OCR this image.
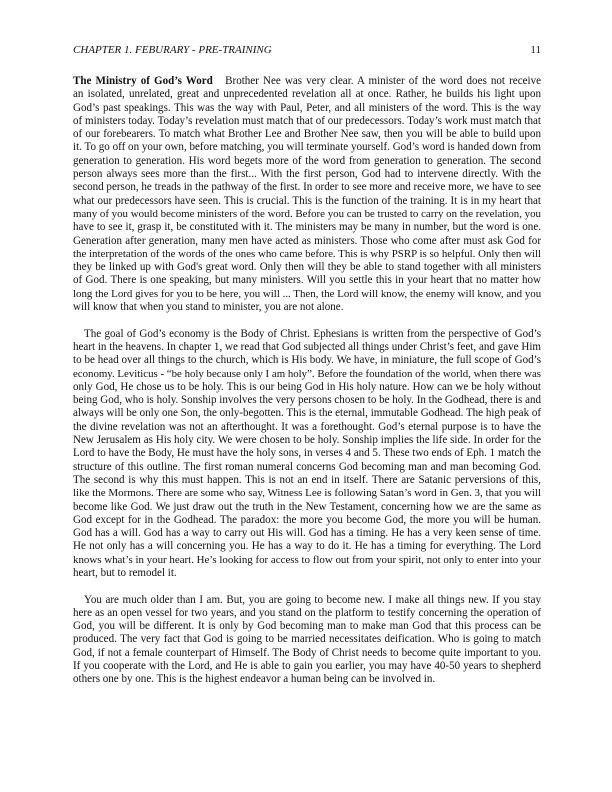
CHAPTER 1. FEBURARY - PRE-TRAINING	11
The Ministry of God’s Word Brother Nee was very clear. A minister of the word does not receive
an isolated, unrelated, great and unprecedented revelation all at once. Rather, he builds his light upon
God’s past speakings. This was the way with Paul, Peter, and all ministers of the word. This is the way
of ministers today. Today’s revelation must match that of our predecessors. Today’s work must match that
of our forebearers. To match what Brother Lee and Brother Nee saw, then you will be able to build upon
it. To go off on your own, before matching, you will terminate yourself. God’s word is handed down from
generation to generation. His word begets more of the word from generation to generation. The second
person always sees more than the first... With the first person, God had to intervene directly. With the
second person, he treads in the pathway of the first. In order to see more and receive more, we have to see
what our predecessors have seen. This is crucial. This is the function of the training. It is in my heart that
many of you would become ministers of the word. Before you can be trusted to carry on the revelation, you
have to see it, grasp it, be constituted with it. The ministers may be many in number, but the word is one.
Generation after generation, many men have acted as ministers. Those who come after must ask God for
the interpretation of the words of the ones who came before. This is why PSRP is so helpful. Only then will
they be linked up with God's great word. Only then will they be able to stand together with all ministers
of God. There is one speaking, but many ministers. Will you settle this in your heart that no matter how
long the Lord gives for you to be here, you will ... Then, the Lord will know, the enemy will know, and you
will know that when you stand to minister, you are not alone.
The goal of God’s economy is the Body of Christ. Ephesians is written from the perspective of God’s
heart in the heavens. In chapter 1, we read that God subjected all things under Christ’s feet, and gave Him
to be head over all things to the church, which is His body. We have, in miniature, the full scope of God’s
economy. Leviticus - “be holy because only I am holy”. Before the foundation of the world, when there was
only God, He chose us to be holy. This is our being God in His holy nature. How can we be holy without
being God, who is holy. Sonship involves the very persons chosen to be holy. In the Godhead, there is and
always will be only one Son, the only-begotten. This is the eternal, immutable Godhead. The high peak of
the divine revelation was not an afterthought. It was a forethought. God’s eternal purpose is to have the
New Jerusalem as His holy city. We were chosen to be holy. Sonship implies the life side. In order for the
Lord to have the Body, He must have the holy sons, in verses 4 and 5. These two ends of Eph. 1 match the
structure of this outline. The first roman numeral concerns God becoming man and man becoming God.
The second is why this must happen. This is not an end in itself. There are Satanic perversions of this,
like the Mormons. There are some who say, Witness Lee is following Satan’s word in Gen. 3, that you will
become like God. We just draw out the truth in the New Testament, concerning how we are the same as
God except for in the Godhead. The paradox: the more you become God, the more you will be human.
God has a will. God has a way to carry out His will. God has a timing. He has a very keen sense of time.
He not only has a will concerning you. He has a way to do it. He has a timing for everything. The Lord
knows what’s in your heart. He’s looking for access to flow out from your spirit, not only to enter into your
heart, but to remodel it.
You are much older than I am. But, you are going to become new. I make all things new. If you stay
here as an open vessel for two years, and you stand on the platform to testify concerning the operation of
God, you will be different. It is only by God becoming man to make man God that this process can be
produced. The very fact that God is going to be married necessitates deification. Who is going to match
God, if not a female counterpart of Himself. The Body of Christ needs to become quite important to you.
If you cooperate with the Lord, and He is able to gain you earlier, you may have 40-50 years to shepherd
others one by one. This is the highest endeavor a human being can be involved in.
